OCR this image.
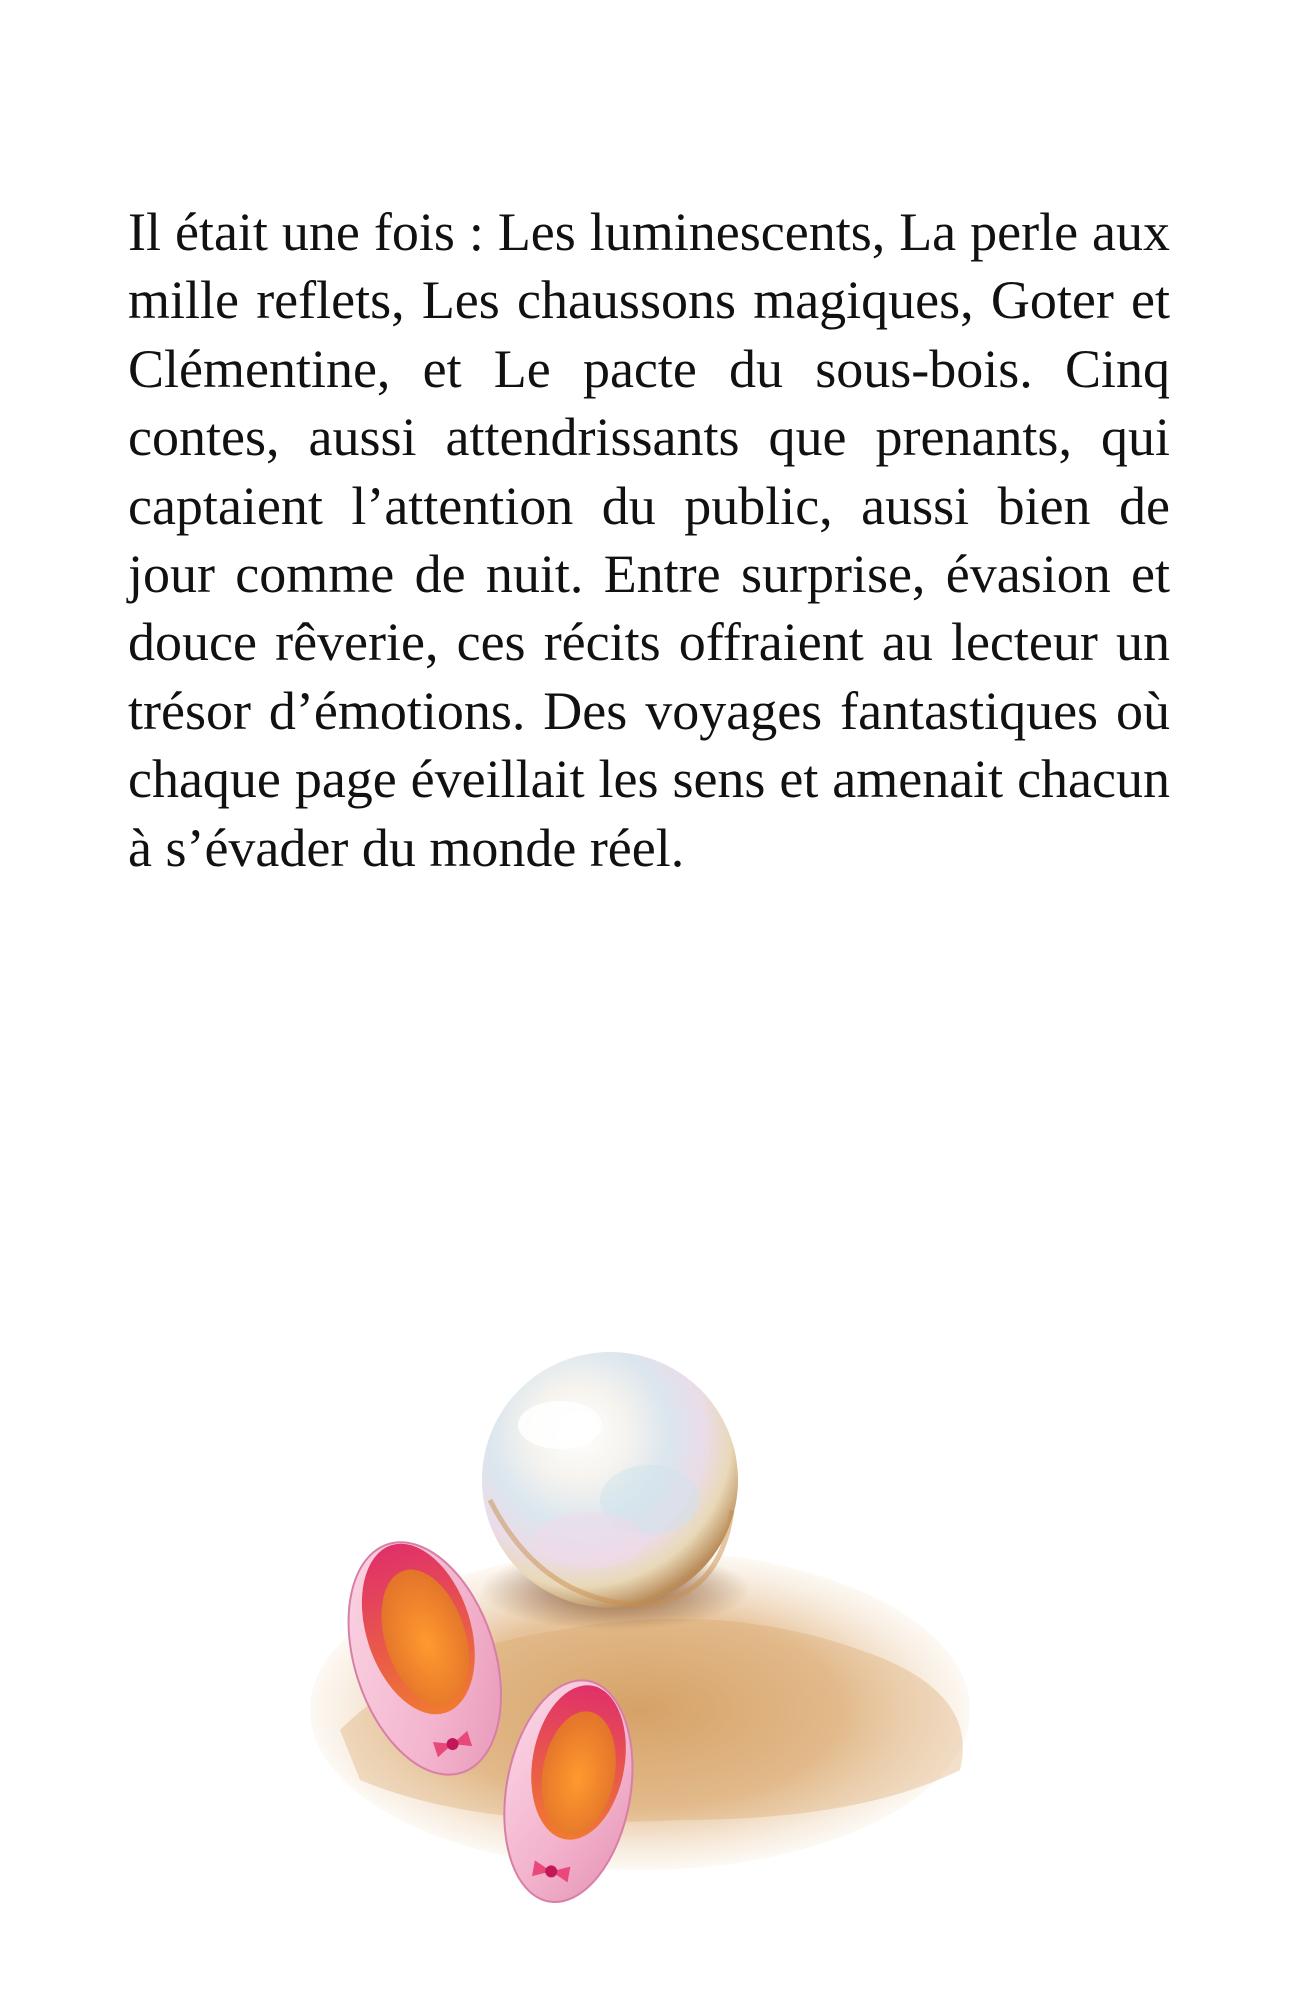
Il était une fois : Les luminescents, La perle aux mille reflets, Les chaussons magiques, Goter et Clémentine, et Le pacte du sous-bois. Cinq contes, aussi attendrissants que prenants, qui captaient l’attention du public, aussi bien de jour comme de nuit. Entre surprise, évasion et douce rêverie, ces récits offraient au lecteur un trésor d’émotions. Des voyages fantastiques où chaque page éveillait les sens et amenait chacun à s’évader du monde réel.
